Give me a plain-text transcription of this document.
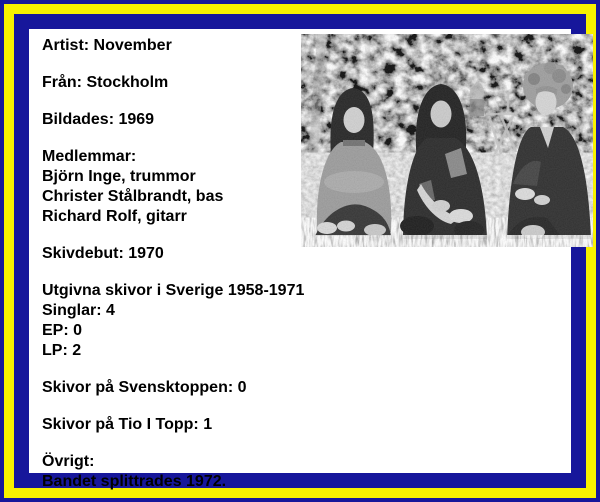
Artist: November
Från: Stockholm
Bildades: 1969
Medlemmar:
Björn Inge, trummor
Christer Stålbrandt, bas
Richard Rolf, gitarr
Skivdebut: 1970
Utgivna skivor i Sverige 1958-1971
Singlar: 4
EP: 0
LP: 2
Skivor på Svensktoppen: 0
Skivor på Tio I Topp: 1
Övrigt:
Bandet splittrades 1972.
